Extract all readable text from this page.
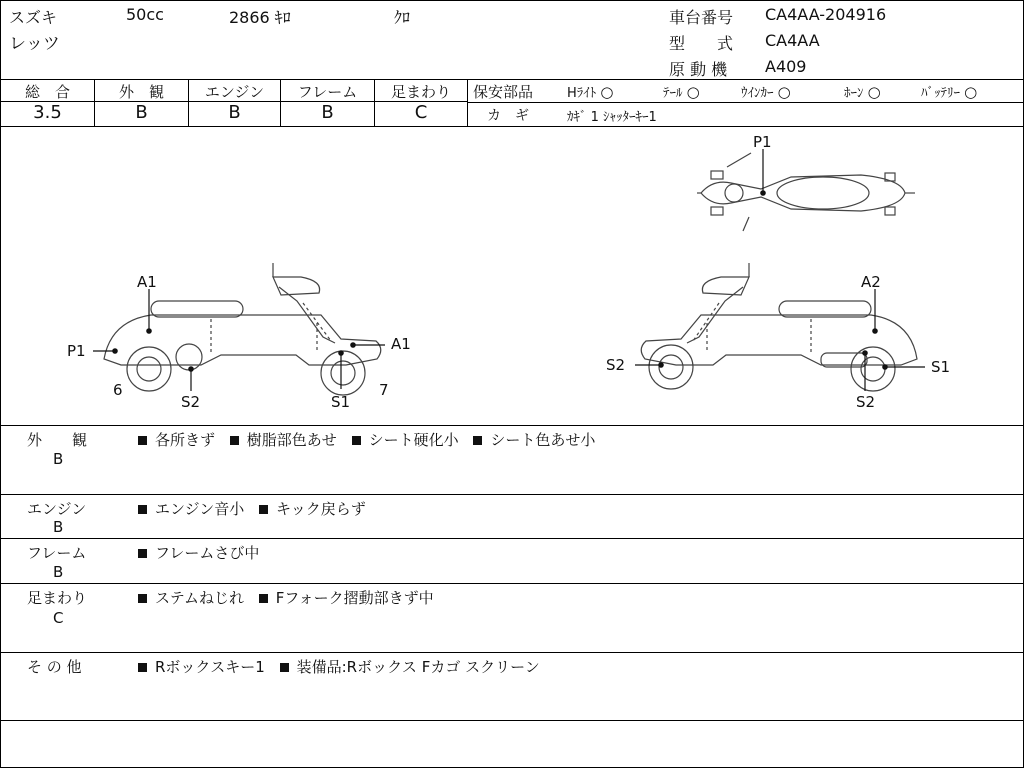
スズキ	50cc	2866 ｷﾛ	ｸﾛ
レッツ
車台番号 CA4AA-204916
型　　式 CA4AA
原 動 機 A409
総　合	外　観	エンジン	フレーム	足まわり
3.5	B	B	B	C
保安部品	Hﾗｲﾄ ○	ﾃｰﾙ ○	ｳｲﾝｶｰ ○	ﾎｰﾝ ○	ﾊﾞｯﾃﾘｰ ○
カ　ギ	ｶｷﾞ 1 ｼｬｯﾀｰｷｰ1
P1
A1
P1	A1
6
S2	S1
7
A2
S2	S1
S2
外　　観
B
各所きず 樹脂部色あせ シート硬化小 シート色あせ小
エンジン
B
エンジン音小 キック戻らず
フレーム
B
フレームさび中
足まわり
C
ステムねじれ Fフォーク摺動部きず中
そ の 他	Rボックスキー1 装備品:Rボックス Fカゴ スクリーン
